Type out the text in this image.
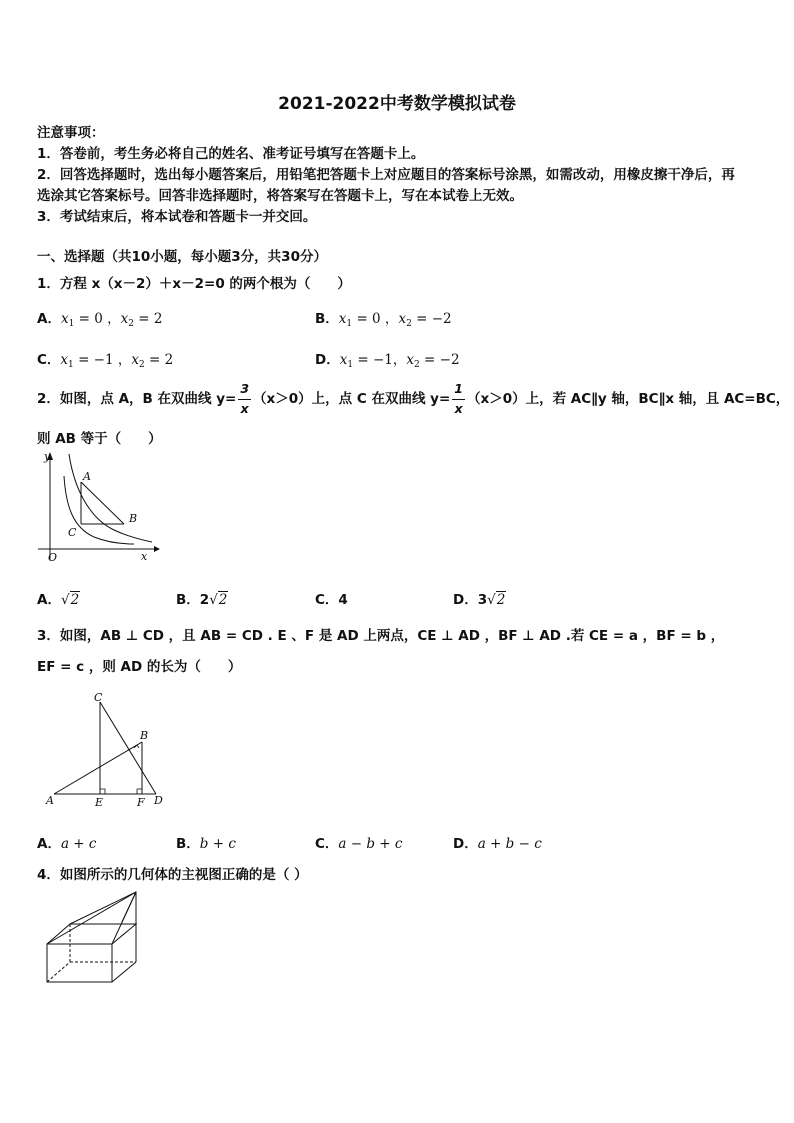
2021-2022中考数学模拟试卷
注意事项：
1．答卷前，考生务必将自己的姓名、准考证号填写在答题卡上。
2．回答选择题时，选出每小题答案后，用铅笔把答题卡上对应题目的答案标号涂黑，如需改动，用橡皮擦干净后，再
选涂其它答案标号。回答非选择题时，将答案写在答题卡上，写在本试卷上无效。
3．考试结束后，将本试卷和答题卡一并交回。
一、选择题（共10小题，每小题3分，共30分）
1．方程 x（x－2）＋x－2=0 的两个根为（　　）
A．$x_1 = 0$ ，$x_2 = 2$	B．$x_1 = 0$ ，$x_2 = -2$
C．$x_1 = -1$ ，$x_2 = 2$	D．$x_1 = -1$，$x_2 = -2$
2．如图，点 A，B 在双曲线 $y= \frac{3}{x} (x>0)$上，点 C 在双曲线 $y= \frac{1}{x} (x>0)$上，若 AC∥y 轴，BC∥x 轴，且 AC=BC，
则 AB 等于（　　）
O
y
x
A
B
C
A．√2	B．2√2	C．4	D．3√2
3．如图，AB ⊥ CD ，且 AB = CD . E 、F 是 AD 上两点，CE ⊥ AD ，BF ⊥ AD .若 CE = a ，BF = b ，
EF = c ，则 AD 的长为（　　）
C
B
A	E	F D
A．a + c	B．b + c	C．a − b + c	D．a + b − c
4．如图所示的几何体的主视图正确的是（ ）
